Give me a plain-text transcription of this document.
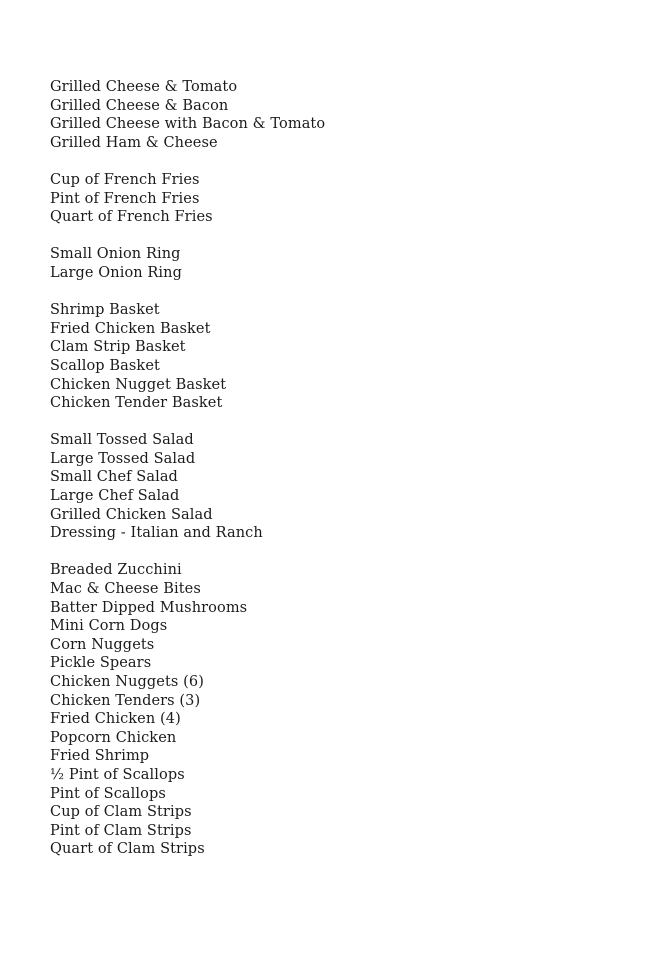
Grilled Cheese & Tomato
Grilled Cheese & Bacon
Grilled Cheese with Bacon & Tomato
Grilled Ham & Cheese
Cup of French Fries
Pint of French Fries
Quart of French Fries
Small Onion Ring
Large Onion Ring
Shrimp Basket
Fried Chicken Basket
Clam Strip Basket
Scallop Basket
Chicken Nugget Basket
Chicken Tender Basket
Small Tossed Salad
Large Tossed Salad
Small Chef Salad
Large Chef Salad
Grilled Chicken Salad
Dressing - Italian and Ranch
Breaded Zucchini
Mac & Cheese Bites
Batter Dipped Mushrooms
Mini Corn Dogs
Corn Nuggets
Pickle Spears
Chicken Nuggets (6)
Chicken Tenders (3)
Fried Chicken (4)
Popcorn Chicken
Fried Shrimp
½ Pint of Scallops
Pint of Scallops
Cup of Clam Strips
Pint of Clam Strips
Quart of Clam Strips
